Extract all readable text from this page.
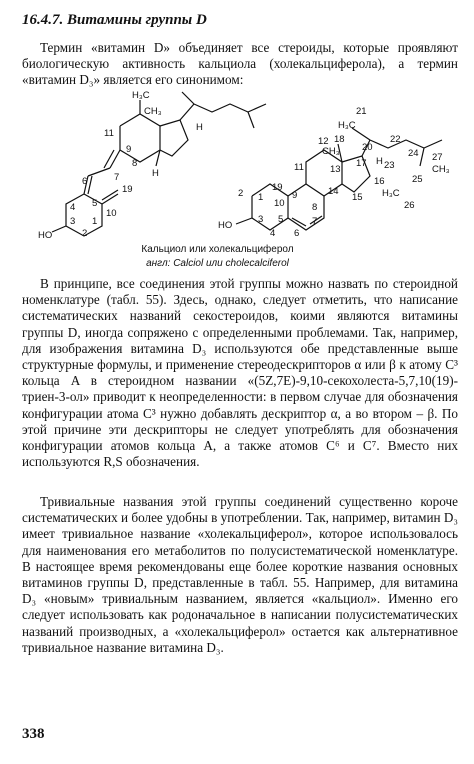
16.4.7. Витамины группы D

Термин «витамин D» объединяет все стероиды, которые проявляют биологическую активность кальциола (холекальциферола), а термин «витамин D₃» является его синонимом:

H₃C
CH₃
H
11
9
8
H
7
6
19
5
4
10
3 1
2
HO
21
H₃C
22
20
24
12 18
CH₃
H
17 23
27
CH₃
11	13
16	25
19
9	14
15 H₃C
26
2 1
10	8
3 5	7
4 6
HO
Кальциол или холекальциферол
англ: Calciol или cholecalciferol

В принципе, все соединения этой группы можно назвать по стероидной номенклатуре (табл. 55). Здесь, однако, следует отметить, что написание систематических названий секостероидов, коими являются витамины группы D, иногда сопряжено с определенными проблемами. Так, например, для изображения витамина D₃ используются обе представленные выше структурные формулы, и применение стереодескрипторов α или β к атому C³ кольца A в стероидном названии «(5Z,7E)-9,10-секохолеста-5,7,10(19)-триен-3-ол» приводит к неопределенности: в первом случае для обозначения конфигурации атома C³ нужно добавлять дескриптор α, а во втором – β. По этой причине эти дескрипторы не следует употреблять для обозначения конфигурации атомов кольца A, а также атомов C⁶ и C⁷. Вместо них используются R,S обозначения.

Тривиальные названия этой группы соединений существенно короче систематических и более удобны в употреблении. Так, например, витамин D₃ имеет тривиальное название «холекальциферол», которое использовалось для наименования его метаболитов по полусистематической номенклатуре. В настоящее время рекомендованы еще более короткие названия основных витаминов группы D, представленные в табл. 55. Например, для витамина D₃ «новым» тривиальным названием, является «кальциол». Именно его следует использовать как родоначальное в написании полусистематических названий производных, а «холекальциферол» остается как альтернативное тривиальное название витамина D₃.

338
